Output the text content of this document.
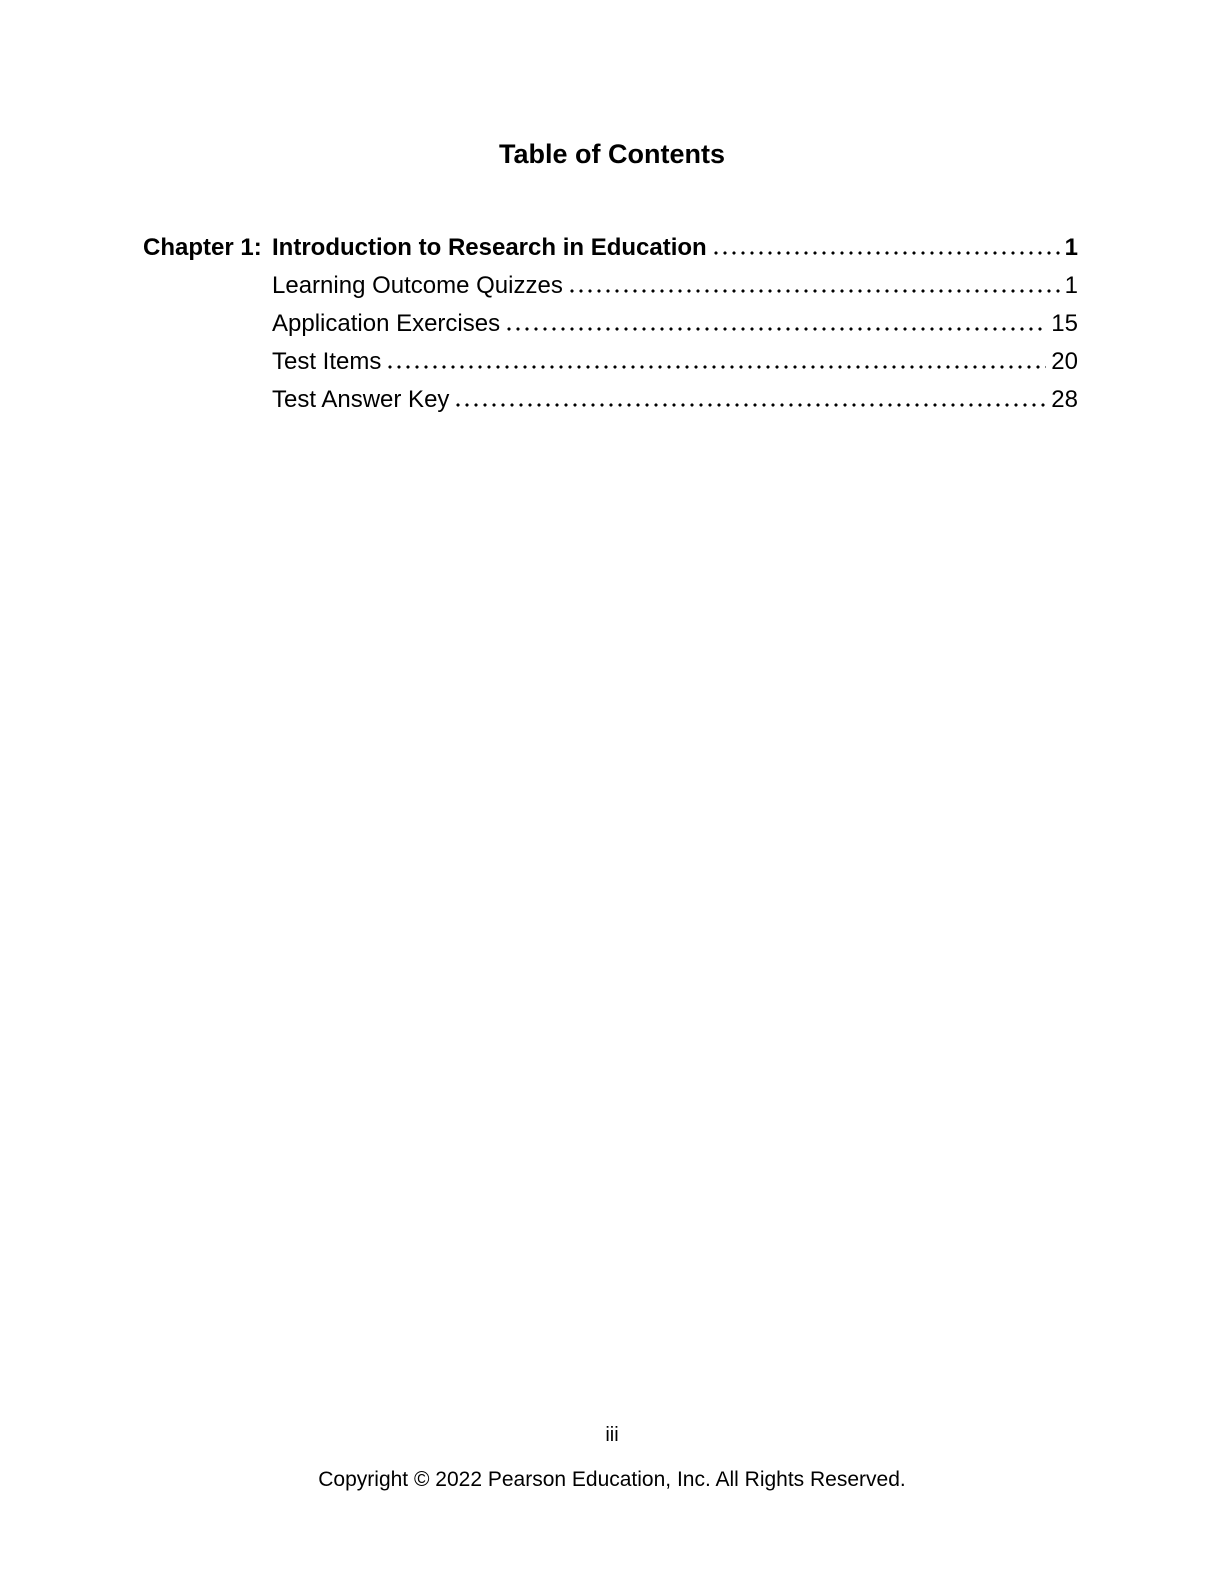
Table of Contents
Chapter 1: Introduction to Research in Education	1
Learning Outcome Quizzes	1
Application Exercises	15
Test Items	20
Test Answer Key	28
iii
Copyright © 2022 Pearson Education, Inc. All Rights Reserved.
